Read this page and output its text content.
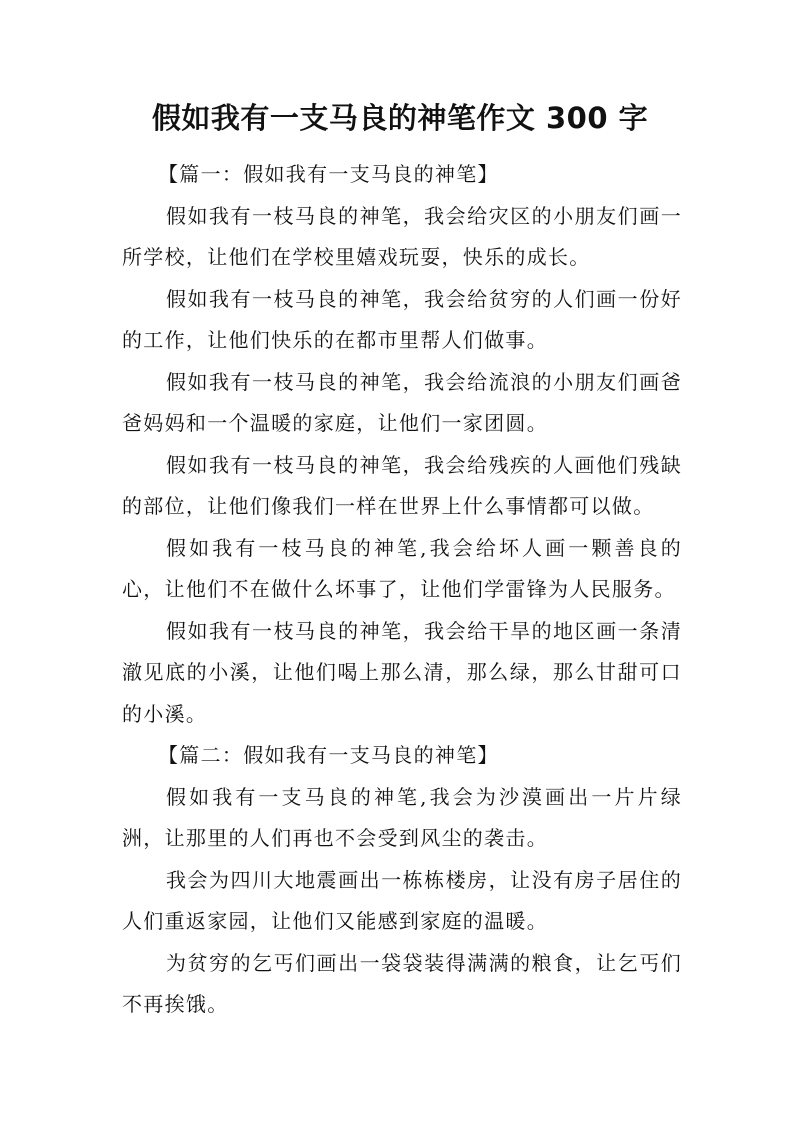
假如我有一支马良的神笔作文 300 字

【篇一：假如我有一支马良的神笔】

假如我有一枝马良的神笔，我会给灾区的小朋友们画一所学校，让他们在学校里嬉戏玩耍，快乐的成长。

假如我有一枝马良的神笔，我会给贫穷的人们画一份好的工作，让他们快乐的在都市里帮人们做事。

假如我有一枝马良的神笔，我会给流浪的小朋友们画爸爸妈妈和一个温暖的家庭，让他们一家团圆。

假如我有一枝马良的神笔，我会给残疾的人画他们残缺的部位，让他们像我们一样在世界上什么事情都可以做。

假如我有一枝马良的神笔,我会给坏人画一颗善良的心，让他们不在做什么坏事了，让他们学雷锋为人民服务。

假如我有一枝马良的神笔，我会给干旱的地区画一条清澈见底的小溪，让他们喝上那么清，那么绿，那么甘甜可口的小溪。

【篇二：假如我有一支马良的神笔】

假如我有一支马良的神笔,我会为沙漠画出一片片绿洲，让那里的人们再也不会受到风尘的袭击。

我会为四川大地震画出一栋栋楼房，让没有房子居住的人们重返家园，让他们又能感到家庭的温暖。

为贫穷的乞丐们画出一袋袋装得满满的粮食，让乞丐们不再挨饿。
